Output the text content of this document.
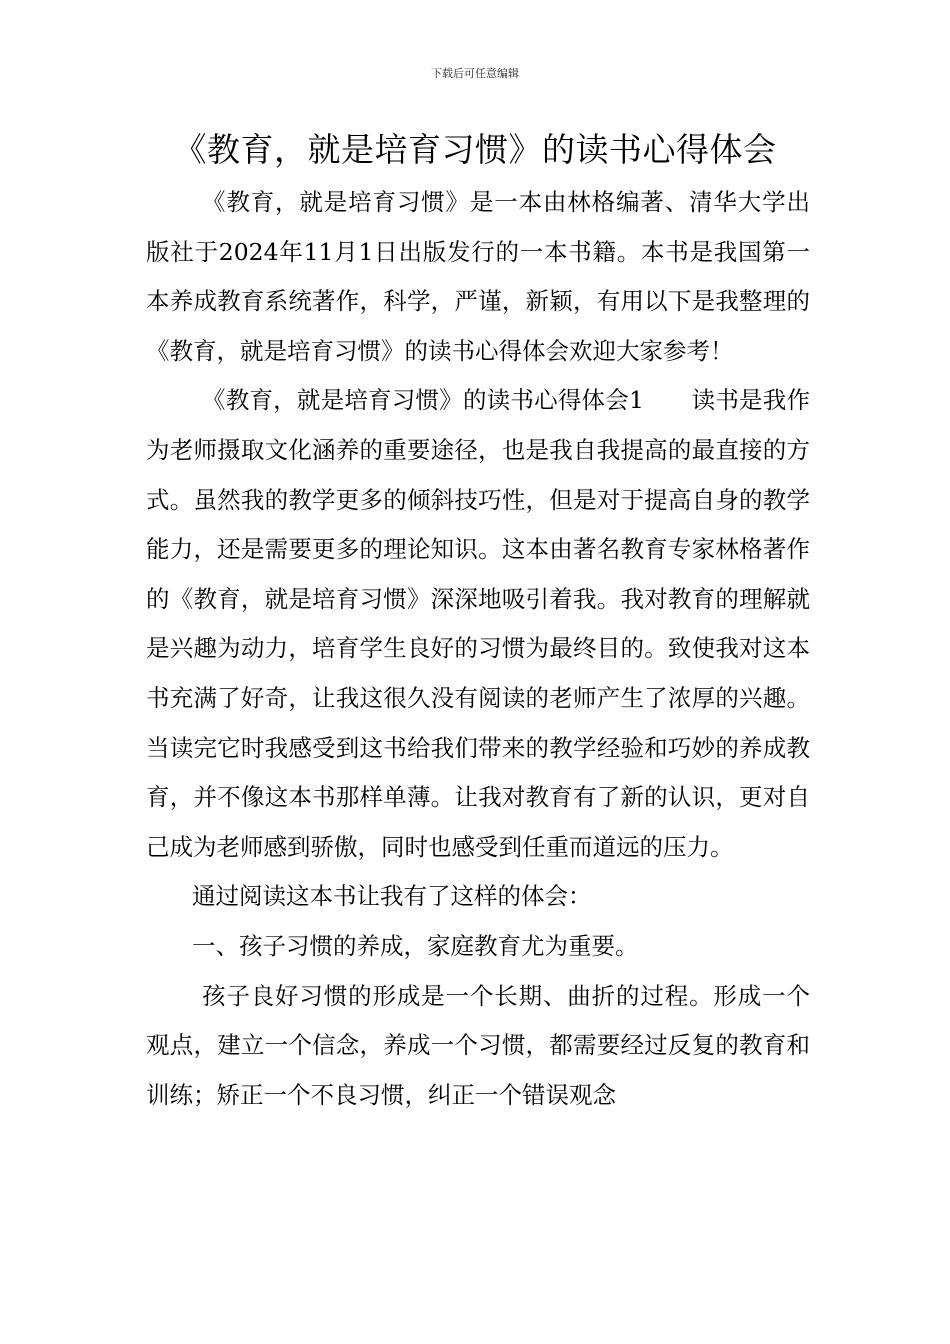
下载后可任意编辑
《教育，就是培育习惯》的读书心得体会

《教育，就是培育习惯》是一本由林格编著、清华大学出版社于2024年11月1日出版发行的一本书籍。本书是我国第一本养成教育系统著作，科学，严谨，新颖，有用以下是我整理的《教育，就是培育习惯》的读书心得体会欢迎大家参考！

《教育，就是培育习惯》的读书心得体会1　　读书是我作为老师摄取文化涵养的重要途径，也是我自我提高的最直接的方式。虽然我的教学更多的倾斜技巧性，但是对于提高自身的教学能力，还是需要更多的理论知识。这本由著名教育专家林格著作的《教育，就是培育习惯》深深地吸引着我。我对教育的理解就是兴趣为动力，培育学生良好的习惯为最终目的。致使我对这本书充满了好奇，让我这很久没有阅读的老师产生了浓厚的兴趣。当读完它时我感受到这书给我们带来的教学经验和巧妙的养成教育，并不像这本书那样单薄。让我对教育有了新的认识，更对自己成为老师感到骄傲，同时也感受到任重而道远的压力。

通过阅读这本书让我有了这样的体会：

一、孩子习惯的养成，家庭教育尤为重要。

孩子良好习惯的形成是一个长期、曲折的过程。形成一个观点，建立一个信念，养成一个习惯，都需要经过反复的教育和训练；矫正一个不良习惯，纠正一个错误观念
